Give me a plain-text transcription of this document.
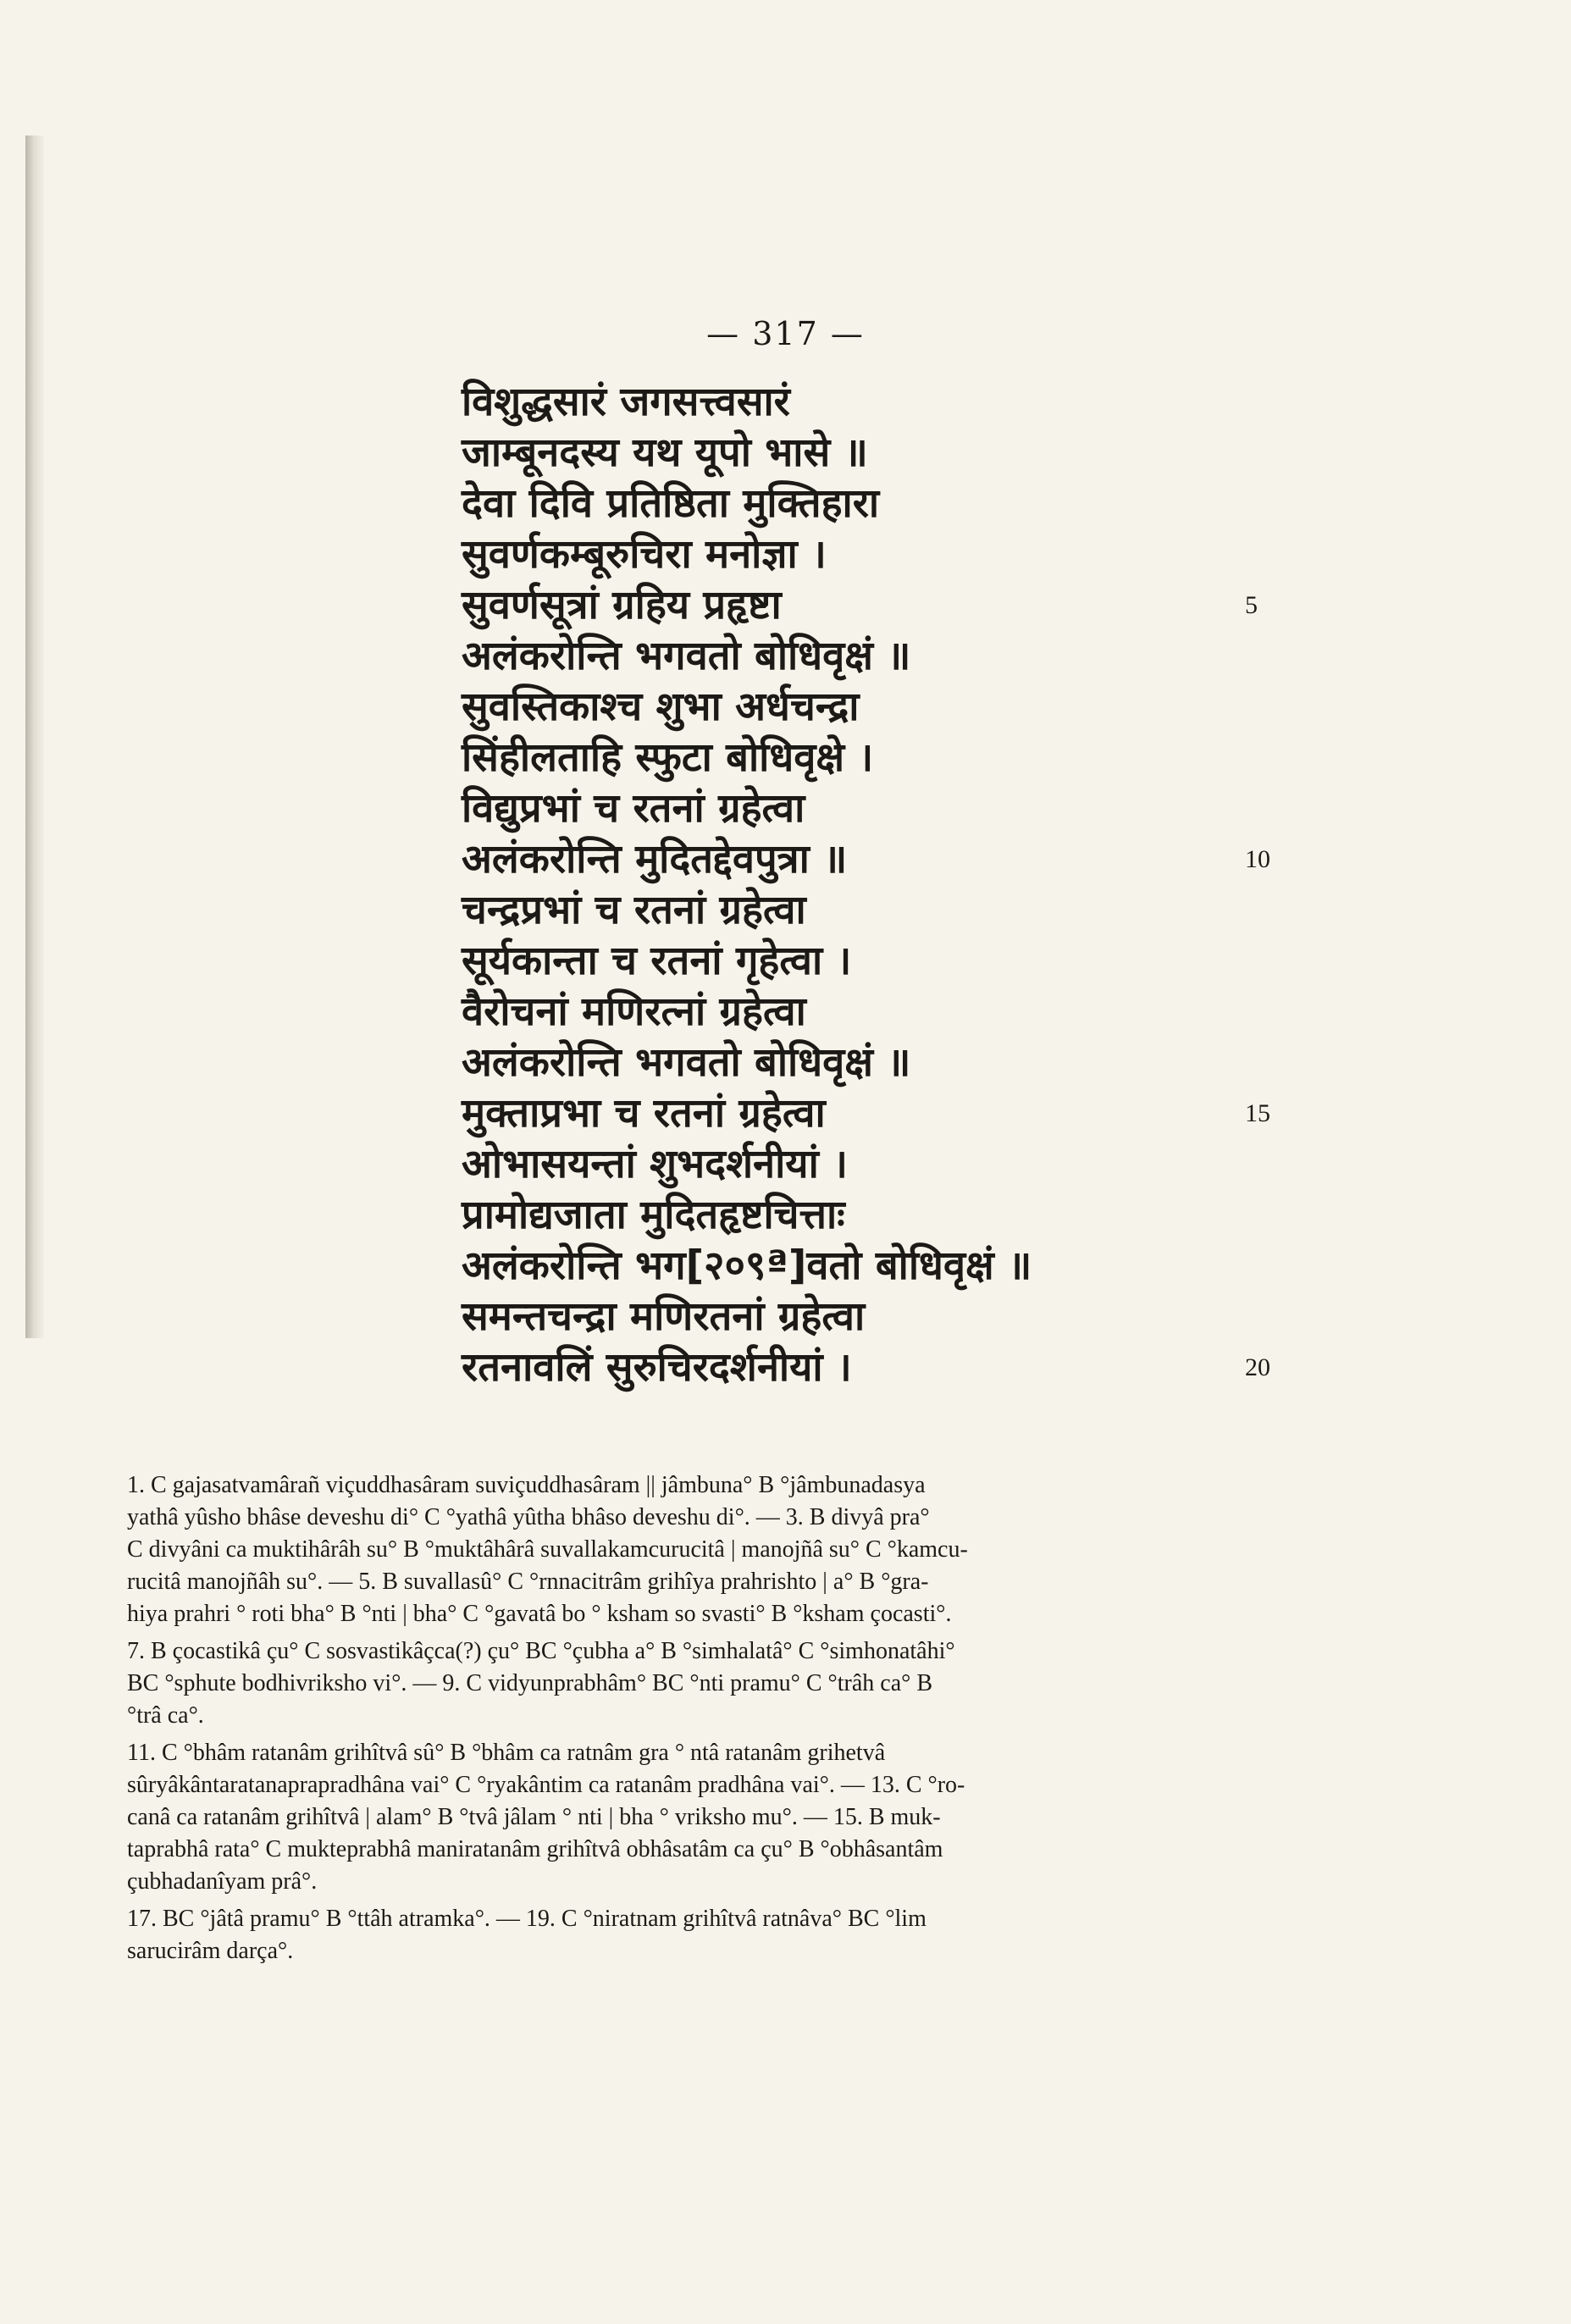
— 317 —
विशुद्धसारं जगसत्त्वसारं
जाम्बूनदस्य यथ यूपो भासे ॥
देवा दिवि प्रतिष्ठिता मुक्तिहारा
सुवर्णकम्बूरुचिरा मनोज्ञा ।
सुवर्णसूत्रां ग्रहिय प्रहृष्टा	5
अलंकरोन्ति भगवतो बोधिवृक्षं ॥
सुवस्तिकाश्च शुभा अर्धचन्द्रा
सिंहीलताहि स्फुटा बोधिवृक्षे ।
विद्युप्रभां च रतनां ग्रहेत्वा
अलंकरोन्ति मुदितद्देवपुत्रा ॥	10
चन्द्रप्रभां च रतनां ग्रहेत्वा
सूर्यकान्ता च रतनां गृहेत्वा ।
वैरोचनां मणिरत्नां ग्रहेत्वा
अलंकरोन्ति भगवतो बोधिवृक्षं ॥
मुक्ताप्रभा च रतनां ग्रहेत्वा	15
ओभासयन्तां शुभदर्शनीयां ।
प्रामोद्यजाता मुदितहृष्टचित्ताः
अलंकरोन्ति भग[२०९ª]वतो बोधिवृक्षं ॥
समन्तचन्द्रा मणिरतनां ग्रहेत्वा
रतनावलिं सुरुचिरदर्शनीयां ।	20
1. C gajasatvamârañ viçuddhasâram suviçuddhasâram || jâmbuna° B °jâmbunadasya
yathâ yûsho bhâse deveshu di° C °yathâ yûtha bhâso deveshu di°. — 3. B divyâ pra°
C divyâni ca muktihârâh su° B °muktâhârâ suvallakamcurucitâ | manojñâ su° C °kamcu-
rucitâ manojñâh su°. — 5. B suvallasû° C °rnnacitrâm grihîya prahrishto | a° B °gra-
hiya prahri ° roti bha° B °nti | bha° C °gavatâ bo ° ksham so svasti° B °ksham çocasti°.
7. B çocastikâ çu° C sosvastikâçca(?) çu° BC °çubha a° B °simhalatâ° C °simhonatâhi°
BC °sphute bodhivriksho vi°. — 9. C vidyunprabhâm° BC °nti pramu° C °trâh ca° B
°trâ ca°.
11. C °bhâm ratanâm grihîtvâ sû° B °bhâm ca ratnâm gra ° ntâ ratanâm grihetvâ
sûryâkântaratanaprapradhâna vai° C °ryakântim ca ratanâm pradhâna vai°. — 13. C °ro-
canâ ca ratanâm grihîtvâ | alam° B °tvâ jâlam ° nti | bha ° vriksho mu°. — 15. B muk-
taprabhâ rata° C mukteprabhâ maniratanâm grihîtvâ obhâsatâm ca çu° B °obhâsantâm
çubhadanîyam prâ°.
17. BC °jâtâ pramu° B °ttâh atramka°. — 19. C °niratnam grihîtvâ ratnâva° BC °lim
sarucirâm darça°.
